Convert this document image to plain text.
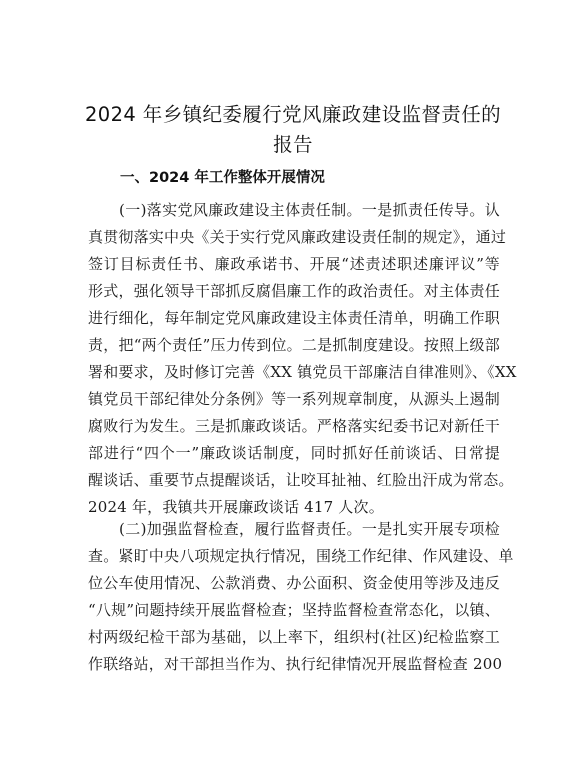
2024 年乡镇纪委履行党风廉政建设监督责任的
报告
一、2024 年工作整体开展情况
(一)落实党风廉政建设主体责任制。一是抓责任传导。认
真贯彻落实中央《关于实行党风廉政建设责任制的规定》，通过
签订目标责任书、廉政承诺书、开展“述责述职述廉评议”等
形式，强化领导干部抓反腐倡廉工作的政治责任。对主体责任
进行细化，每年制定党风廉政建设主体责任清单，明确工作职
责，把“两个责任”压力传到位。二是抓制度建设。按照上级部
署和要求，及时修订完善《XX 镇党员干部廉洁自律准则》、《XX
镇党员干部纪律处分条例》等一系列规章制度，从源头上遏制
腐败行为发生。三是抓廉政谈话。严格落实纪委书记对新任干
部进行“四个一”廉政谈话制度，同时抓好任前谈话、日常提
醒谈话、重要节点提醒谈话，让咬耳扯袖、红脸出汗成为常态。
2024 年，我镇共开展廉政谈话 417 人次。
(二)加强监督检查，履行监督责任。一是扎实开展专项检
查。紧盯中央八项规定执行情况，围绕工作纪律、作风建设、单
位公车使用情况、公款消费、办公面积、资金使用等涉及违反
“八规”问题持续开展监督检查；坚持监督检查常态化，以镇、
村两级纪检干部为基础，以上率下，组织村(社区)纪检监察工
作联络站，对干部担当作为、执行纪律情况开展监督检查 200
